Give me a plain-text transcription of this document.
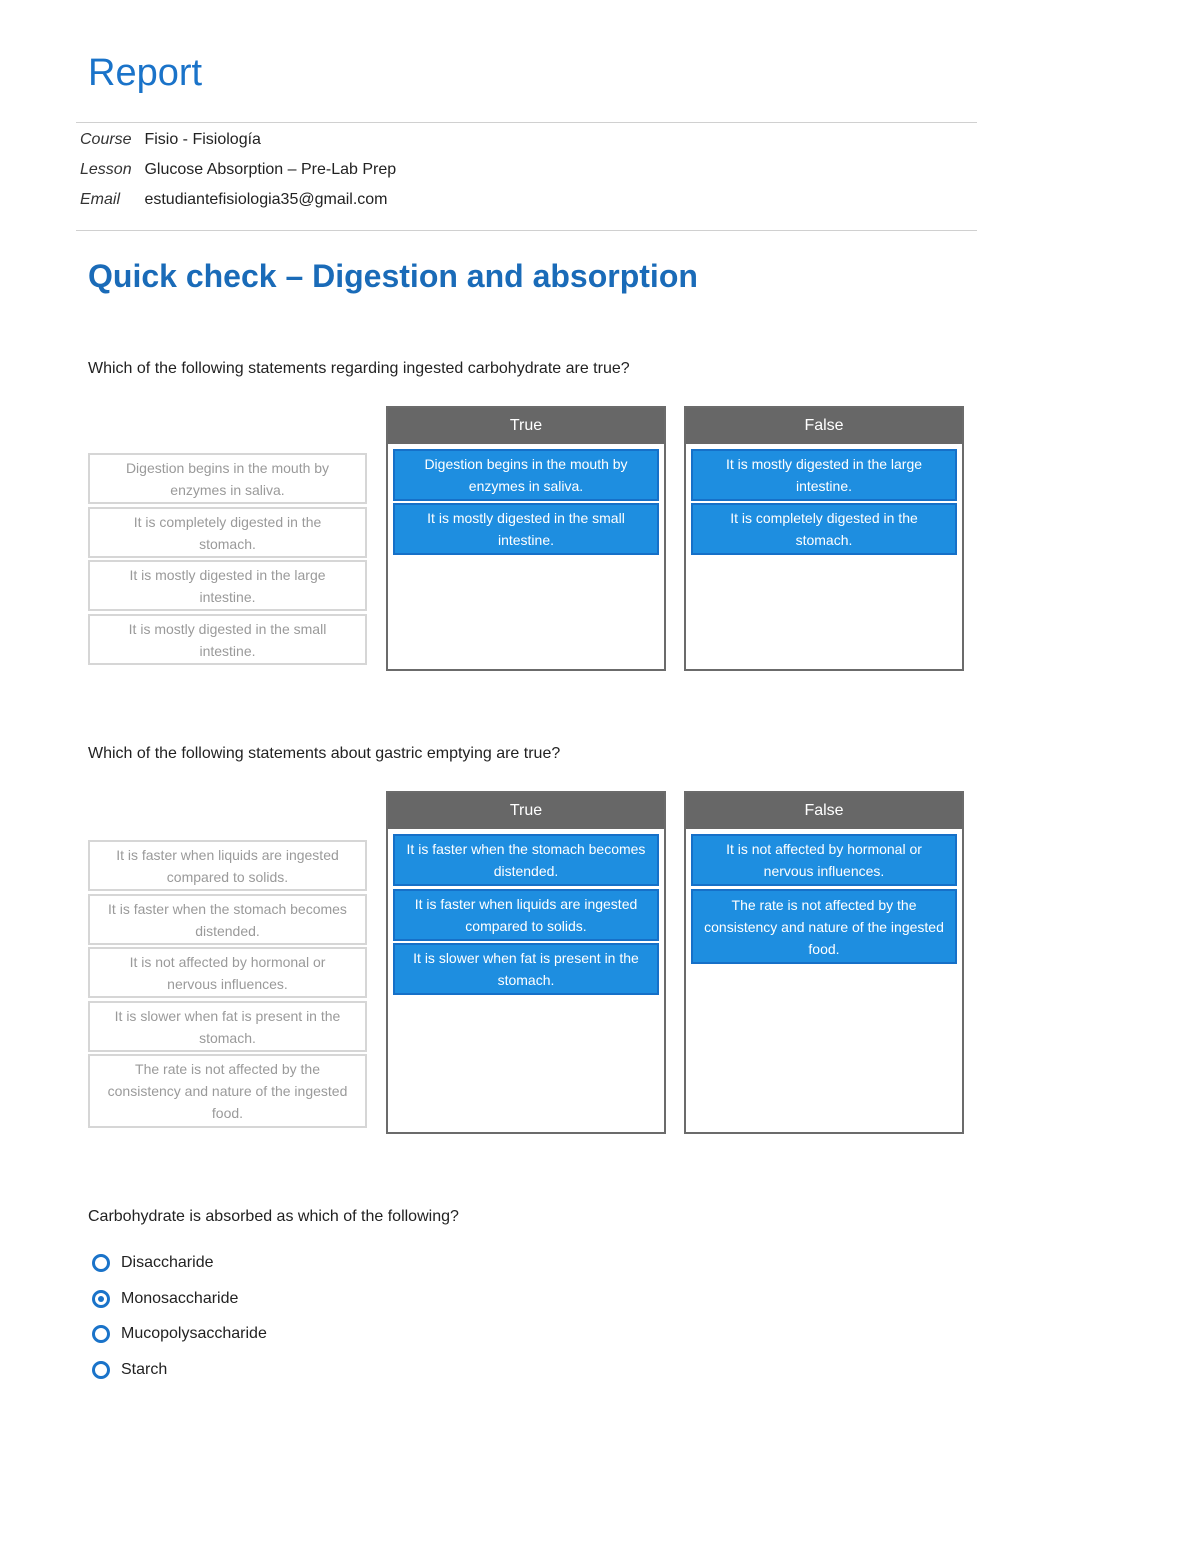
Report
Course Fisio - Fisiología
Lesson Glucose Absorption – Pre-Lab Prep
Email estudiantefisiologia35@gmail.com
Quick check – Digestion and absorption
Which of the following statements regarding ingested carbohydrate are true?
Digestion begins in the mouth by enzymes in saliva.
It is completely digested in the stomach.
It is mostly digested in the large intestine.
It is mostly digested in the small intestine.
True
Digestion begins in the mouth by enzymes in saliva.
It is mostly digested in the small intestine.
False
It is mostly digested in the large intestine.
It is completely digested in the stomach.
Which of the following statements about gastric emptying are true?
It is faster when liquids are ingested compared to solids.
It is faster when the stomach becomes distended.
It is not affected by hormonal or nervous influences.
It is slower when fat is present in the stomach.
The rate is not affected by the consistency and nature of the ingested food.
True
It is faster when the stomach becomes distended.
It is faster when liquids are ingested compared to solids.
It is slower when fat is present in the stomach.
False
It is not affected by hormonal or nervous influences.
The rate is not affected by the consistency and nature of the ingested food.
Carbohydrate is absorbed as which of the following?
Disaccharide
Monosaccharide
Mucopolysaccharide
Starch
